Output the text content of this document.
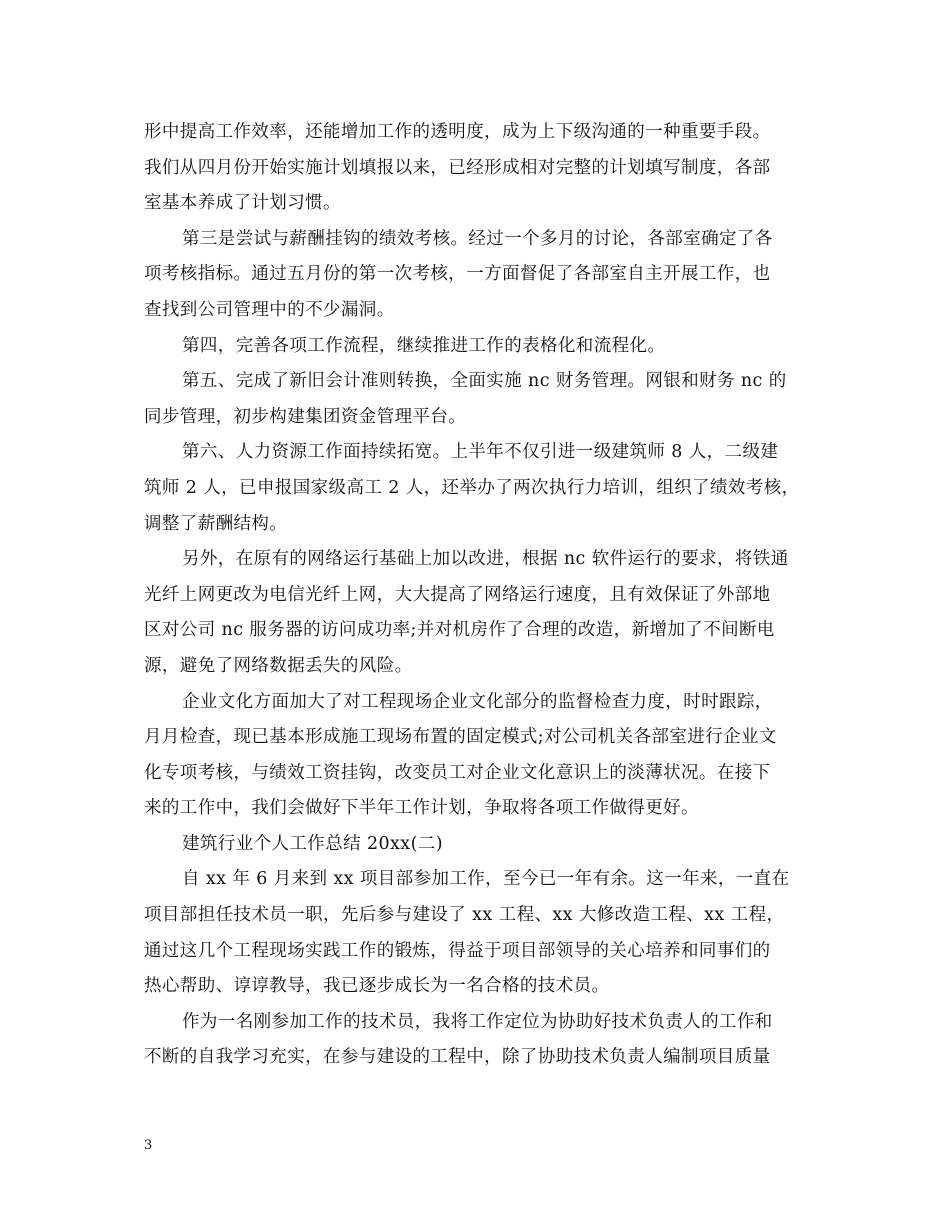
形中提高工作效率，还能增加工作的透明度，成为上下级沟通的一种重要手段。
我们从四月份开始实施计划填报以来，已经形成相对完整的计划填写制度，各部
室基本养成了计划习惯。
第三是尝试与薪酬挂钩的绩效考核。经过一个多月的讨论，各部室确定了各
项考核指标。通过五月份的第一次考核，一方面督促了各部室自主开展工作，也
查找到公司管理中的不少漏洞。
第四，完善各项工作流程，继续推进工作的表格化和流程化。
第五、完成了新旧会计准则转换，全面实施 nc 财务管理。网银和财务 nc 的
同步管理，初步构建集团资金管理平台。
第六、人力资源工作面持续拓宽。上半年不仅引进一级建筑师 8 人，二级建
筑师 2 人，已申报国家级高工 2 人，还举办了两次执行力培训，组织了绩效考核，
调整了薪酬结构。
另外，在原有的网络运行基础上加以改进，根据 nc 软件运行的要求，将铁通
光纤上网更改为电信光纤上网，大大提高了网络运行速度，且有效保证了外部地
区对公司 nc 服务器的访问成功率;并对机房作了合理的改造，新增加了不间断电
源，避免了网络数据丢失的风险。
企业文化方面加大了对工程现场企业文化部分的监督检查力度，时时跟踪，
月月检查，现已基本形成施工现场布置的固定模式;对公司机关各部室进行企业文
化专项考核，与绩效工资挂钩，改变员工对企业文化意识上的淡薄状况。在接下
来的工作中，我们会做好下半年工作计划，争取将各项工作做得更好。
建筑行业个人工作总结 20xx(二)
自 xx 年 6 月来到 xx 项目部参加工作，至今已一年有余。这一年来，一直在
项目部担任技术员一职，先后参与建设了 xx 工程、xx 大修改造工程、xx 工程，
通过这几个工程现场实践工作的锻炼，得益于项目部领导的关心培养和同事们的
热心帮助、谆谆教导，我已逐步成长为一名合格的技术员。
作为一名刚参加工作的技术员，我将工作定位为协助好技术负责人的工作和
不断的自我学习充实，在参与建设的工程中，除了协助技术负责人编制项目质量
3
